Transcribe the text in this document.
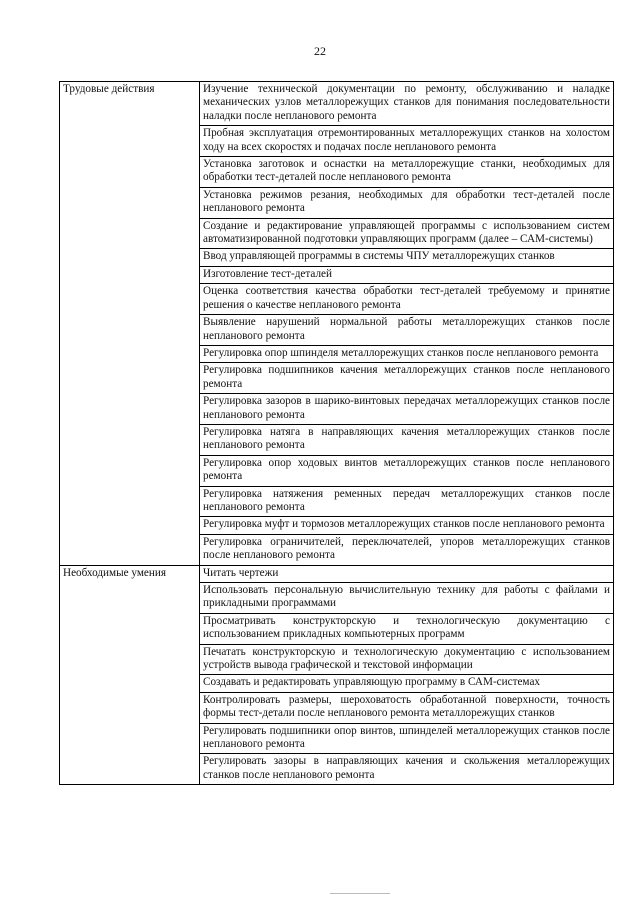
22
Трудовые действия	Изучение технической документации по ремонту, обслуживанию и наладке механических узлов металлорежущих станков для понимания последовательности наладки после непланового ремонта
	Пробная эксплуатация отремонтированных металлорежущих станков на холостом ходу на всех скоростях и подачах после непланового ремонта
	Установка заготовок и оснастки на металлорежущие станки, необходимых для обработки тест-деталей после непланового ремонта
	Установка режимов резания, необходимых для обработки тест-деталей после непланового ремонта
	Создание и редактирование управляющей программы с использованием систем автоматизированной подготовки управляющих программ (далее – САМ-системы)
	Ввод управляющей программы в системы ЧПУ металлорежущих станков
	Изготовление тест-деталей
	Оценка соответствия качества обработки тест-деталей требуемому и принятие решения о качестве непланового ремонта
	Выявление нарушений нормальной работы металлорежущих станков после непланового ремонта
	Регулировка опор шпинделя металлорежущих станков после непланового ремонта
	Регулировка подшипников качения металлорежущих станков после непланового ремонта
	Регулировка зазоров в шарико-винтовых передачах металлорежущих станков после непланового ремонта
	Регулировка натяга в направляющих качения металлорежущих станков после непланового ремонта
	Регулировка опор ходовых винтов металлорежущих станков после непланового ремонта
	Регулировка натяжения ременных передач металлорежущих станков после непланового ремонта
	Регулировка муфт и тормозов металлорежущих станков после непланового ремонта
	Регулировка ограничителей, переключателей, упоров металлорежущих станков после непланового ремонта
Необходимые умения	Читать чертежи
	Использовать персональную вычислительную технику для работы с файлами и прикладными программами
	Просматривать конструкторскую и технологическую документацию с использованием прикладных компьютерных программ
	Печатать конструкторскую и технологическую документацию с использованием устройств вывода графической и текстовой информации
	Создавать и редактировать управляющую программу в САМ-системах
	Контролировать размеры, шероховатость обработанной поверхности, точность формы тест-детали после непланового ремонта металлорежущих станков
	Регулировать подшипники опор винтов, шпинделей металлорежущих станков после непланового ремонта
	Регулировать зазоры в направляющих качения и скольжения металлорежущих станков после непланового ремонта
